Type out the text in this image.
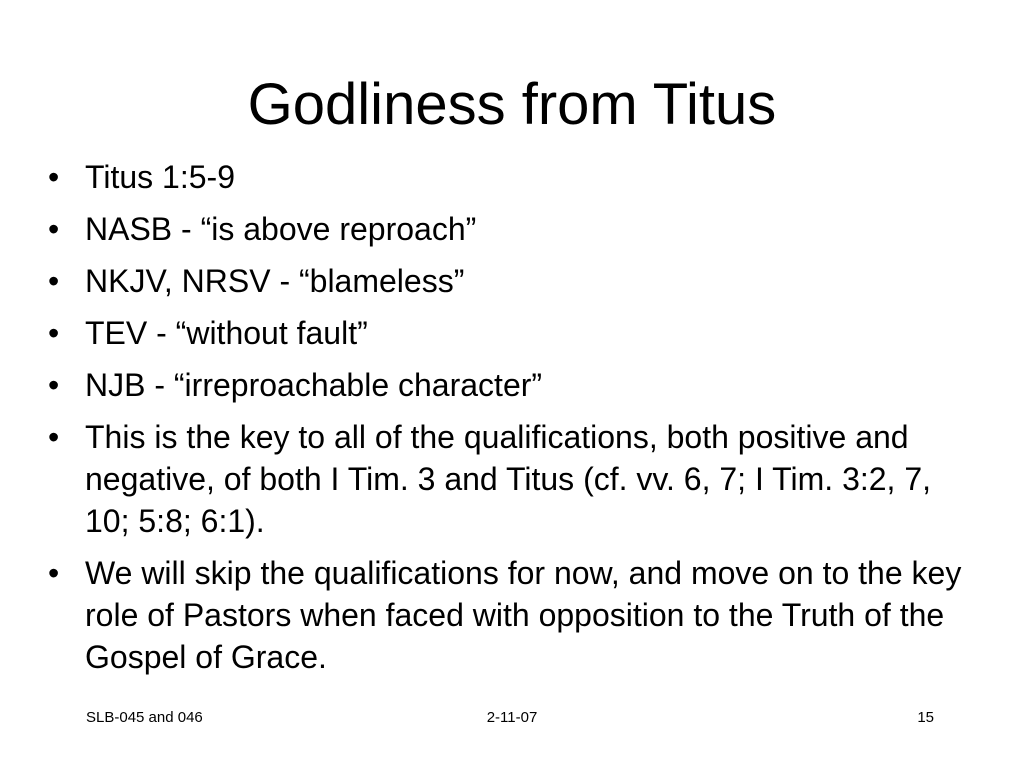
Godliness from Titus
• Titus 1:5-9
• NASB - “is above reproach”
• NKJV, NRSV - “blameless”
• TEV - “without fault”
• NJB - “irreproachable character”
• This is the key to all of the qualifications, both positive and negative, of both I Tim. 3 and Titus (cf. vv. 6, 7; I Tim. 3:2, 7, 10; 5:8; 6:1).
• We will skip the qualifications for now, and move on to the key role of Pastors when faced with opposition to the Truth of the Gospel of Grace.
SLB-045 and 046	2-11-07	15
